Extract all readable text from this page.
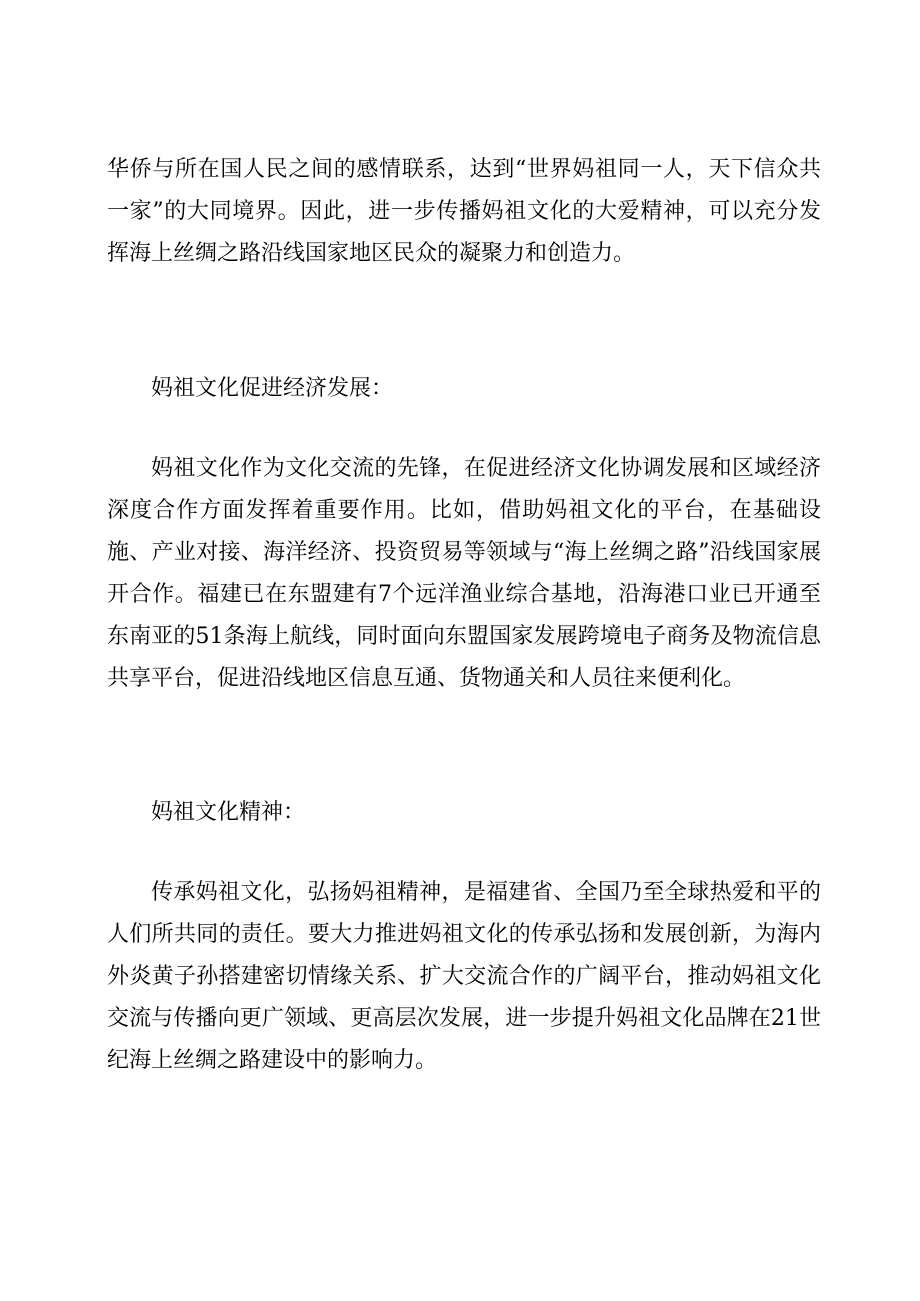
华侨与所在国人民之间的感情联系，达到“世界妈祖同一人，天下信众共一家”的大同境界。因此，进一步传播妈祖文化的大爱精神，可以充分发挥海上丝绸之路沿线国家地区民众的凝聚力和创造力。

妈祖文化促进经济发展：

妈祖文化作为文化交流的先锋，在促进经济文化协调发展和区域经济深度合作方面发挥着重要作用。比如，借助妈祖文化的平台，在基础设施、产业对接、海洋经济、投资贸易等领域与“海上丝绸之路”沿线国家展开合作。福建已在东盟建有7个远洋渔业综合基地，沿海港口业已开通至东南亚的51条海上航线，同时面向东盟国家发展跨境电子商务及物流信息共享平台，促进沿线地区信息互通、货物通关和人员往来便利化。

妈祖文化精神：

传承妈祖文化，弘扬妈祖精神，是福建省、全国乃至全球热爱和平的人们所共同的责任。要大力推进妈祖文化的传承弘扬和发展创新，为海内外炎黄子孙搭建密切情缘关系、扩大交流合作的广阔平台，推动妈祖文化交流与传播向更广领域、更高层次发展，进一步提升妈祖文化品牌在21世纪海上丝绸之路建设中的影响力。
